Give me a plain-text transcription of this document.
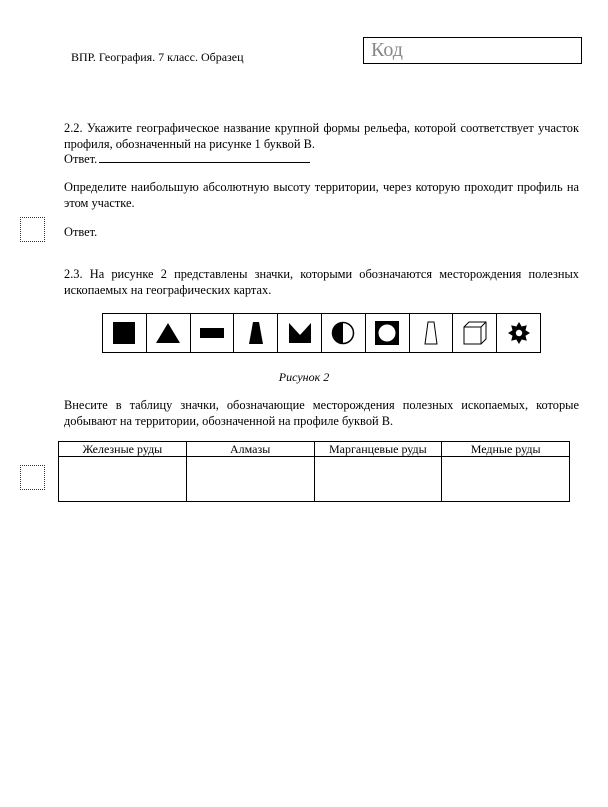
ВПР. География. 7 класс. Образец	Код
2.2. Укажите географическое название крупной формы рельефа, которой соответствует участок профиля, обозначенный на рисунке 1 буквой В.
Ответ.
Определите наибольшую абсолютную высоту территории, через которую проходит профиль на этом участке.
Ответ.
2.3. На рисунке 2 представлены значки, которыми обозначаются месторождения полезных ископаемых на географических картах.
Рисунок 2
Внесите в таблицу значки, обозначающие месторождения полезных ископаемых, которые добывают на территории, обозначенной на профиле буквой В.
Железные руды	Алмазы	Марганцевые руды	Медные руды
